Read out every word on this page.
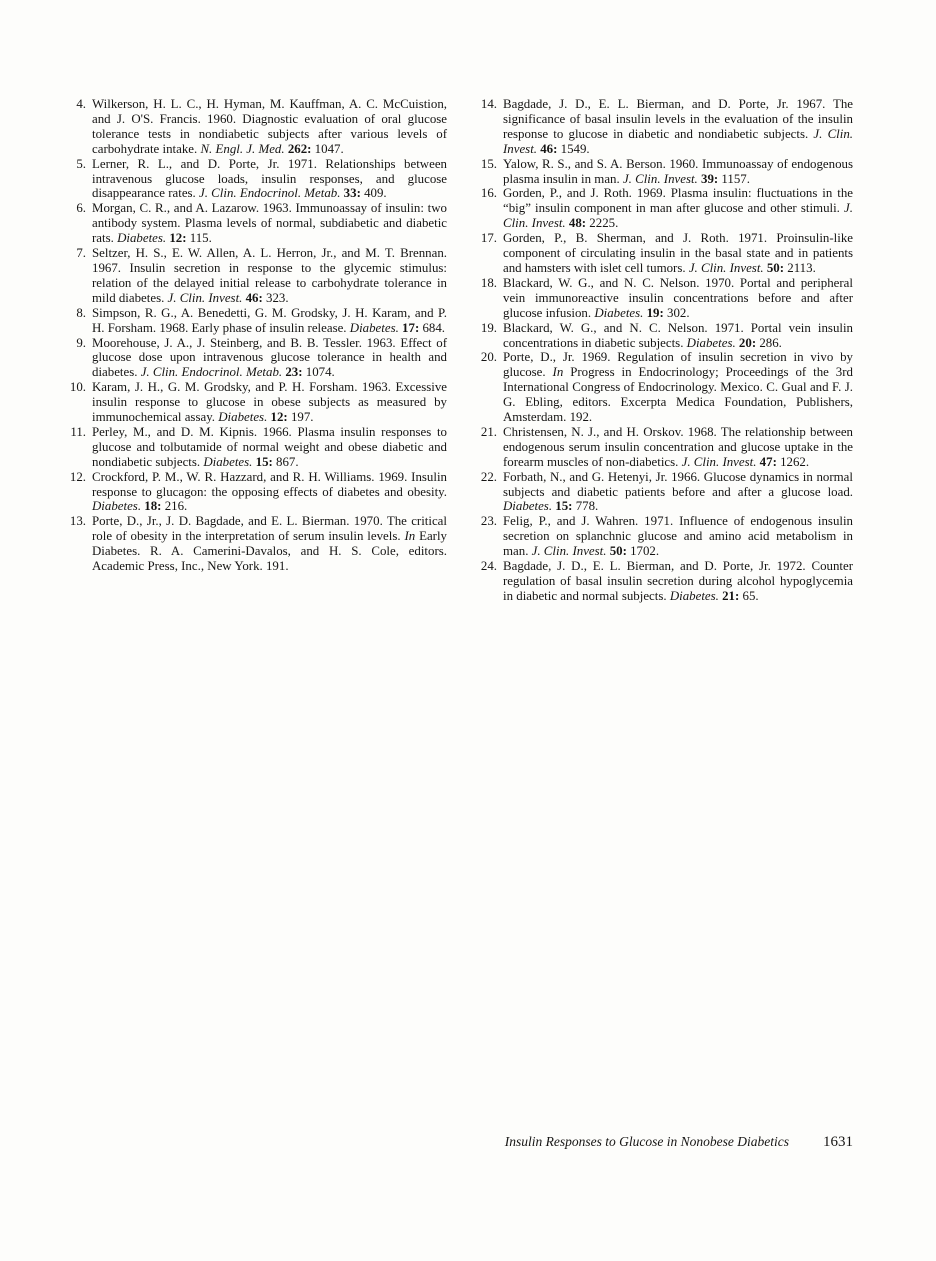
4. Wilkerson, H. L. C., H. Hyman, M. Kauffman, A. C. McCuistion, and J. O'S. Francis. 1960. Diagnostic evaluation of oral glucose tolerance tests in nondiabetic subjects after various levels of carbohydrate intake. N. Engl. J. Med. 262: 1047.
5. Lerner, R. L., and D. Porte, Jr. 1971. Relationships between intravenous glucose loads, insulin responses, and glucose disappearance rates. J. Clin. Endocrinol. Metab. 33: 409.
6. Morgan, C. R., and A. Lazarow. 1963. Immunoassay of insulin: two antibody system. Plasma levels of normal, subdiabetic and diabetic rats. Diabetes. 12: 115.
7. Seltzer, H. S., E. W. Allen, A. L. Herron, Jr., and M. T. Brennan. 1967. Insulin secretion in response to the glycemic stimulus: relation of the delayed initial release to carbohydrate tolerance in mild diabetes. J. Clin. Invest. 46: 323.
8. Simpson, R. G., A. Benedetti, G. M. Grodsky, J. H. Karam, and P. H. Forsham. 1968. Early phase of insulin release. Diabetes. 17: 684.
9. Moorehouse, J. A., J. Steinberg, and B. B. Tessler. 1963. Effect of glucose dose upon intravenous glucose tolerance in health and diabetes. J. Clin. Endocrinol. Metab. 23: 1074.
10. Karam, J. H., G. M. Grodsky, and P. H. Forsham. 1963. Excessive insulin response to glucose in obese subjects as measured by immunochemical assay. Diabetes. 12: 197.
11. Perley, M., and D. M. Kipnis. 1966. Plasma insulin responses to glucose and tolbutamide of normal weight and obese diabetic and nondiabetic subjects. Diabetes. 15: 867.
12. Crockford, P. M., W. R. Hazzard, and R. H. Williams. 1969. Insulin response to glucagon: the opposing effects of diabetes and obesity. Diabetes. 18: 216.
13. Porte, D., Jr., J. D. Bagdade, and E. L. Bierman. 1970. The critical role of obesity in the interpretation of serum insulin levels. In Early Diabetes. R. A. Camerini-Davalos, and H. S. Cole, editors. Academic Press, Inc., New York. 191.
14. Bagdade, J. D., E. L. Bierman, and D. Porte, Jr. 1967. The significance of basal insulin levels in the evaluation of the insulin response to glucose in diabetic and nondiabetic subjects. J. Clin. Invest. 46: 1549.
15. Yalow, R. S., and S. A. Berson. 1960. Immunoassay of endogenous plasma insulin in man. J. Clin. Invest. 39: 1157.
16. Gorden, P., and J. Roth. 1969. Plasma insulin: fluctuations in the “big” insulin component in man after glucose and other stimuli. J. Clin. Invest. 48: 2225.
17. Gorden, P., B. Sherman, and J. Roth. 1971. Proinsulin-like component of circulating insulin in the basal state and in patients and hamsters with islet cell tumors. J. Clin. Invest. 50: 2113.
18. Blackard, W. G., and N. C. Nelson. 1970. Portal and peripheral vein immunoreactive insulin concentrations before and after glucose infusion. Diabetes. 19: 302.
19. Blackard, W. G., and N. C. Nelson. 1971. Portal vein insulin concentrations in diabetic subjects. Diabetes. 20: 286.
20. Porte, D., Jr. 1969. Regulation of insulin secretion in vivo by glucose. In Progress in Endocrinology; Proceedings of the 3rd International Congress of Endocrinology. Mexico. C. Gual and F. J. G. Ebling, editors. Excerpta Medica Foundation, Publishers, Amsterdam. 192.
21. Christensen, N. J., and H. Orskov. 1968. The relationship between endogenous serum insulin concentration and glucose uptake in the forearm muscles of non-diabetics. J. Clin. Invest. 47: 1262.
22. Forbath, N., and G. Hetenyi, Jr. 1966. Glucose dynamics in normal subjects and diabetic patients before and after a glucose load. Diabetes. 15: 778.
23. Felig, P., and J. Wahren. 1971. Influence of endogenous insulin secretion on splanchnic glucose and amino acid metabolism in man. J. Clin. Invest. 50: 1702.
24. Bagdade, J. D., E. L. Bierman, and D. Porte, Jr. 1972. Counter regulation of basal insulin secretion during alcohol hypoglycemia in diabetic and normal subjects. Diabetes. 21: 65.
Insulin Responses to Glucose in Nonobese Diabetics 1631
